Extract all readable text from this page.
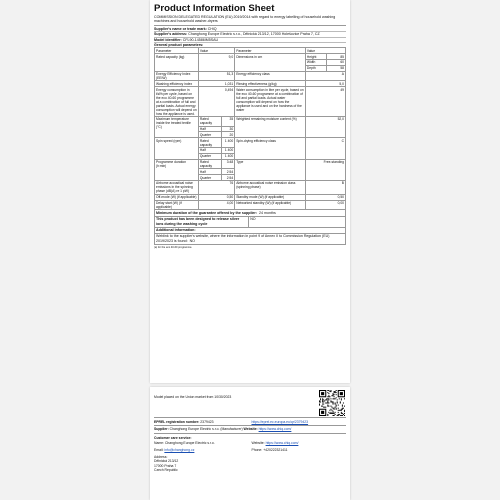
Product Information Sheet

COMMISSION DELEGATED REGULATION (EU) 2019/2014 with regard to energy labelling of household washing machines and household washer-dryers

Supplier's name or trade mark:
CHiQ
Supplier's address: Changhong Europe Electric s.r.o., Dělnická 213/12, 17000 Holešovice Praha 7, CZ
Model identifier:
CFL90-14586IM5SAU
General product parameters:
Parameter	Value		Parameter	Value	
Rated capacity (kg)	9,0		Dimensions in cm	Height	85
				Width	60
				Depth	58
Energy Efficiency Index (EEIW)	51,3		Energy efficiency class	A	
Washing efficiency index	1,031		Rinsing effectiveness (g/kg)	5,0	
Energy consumption in kWh per cycle, based on the eco 40-60 programme at a combination of full and partial loads. Actual energy consumption will depend on how the appliance is used.	0,494		Water consumption in litre per cycle, based on the eco 40-60 programme at a combination of full and partial loads. Actual water consumption will depend on how the appliance is used and on the hardness of the water	49	
Maximum temperature inside the treated textile (°C)	Rated capacity	35	Weighted remaining moisture content (%)	52,0	
	Half	30			
	Quarter	20			
Spin speed (rpm)	Rated capacity	1 400	Spin-drying efficiency class	C	
	Half	1 400			
	Quarter	1 400			
Programme duration (h:min)	Rated capacity	3:48	Type	Free-standing	
	Half	2:54			
	Quarter	2:54			
Airborne acoustical noise emissions in the spinning phase (dB(A) re 1 pW)	76		Airborne acoustical noise emission class (spinning phase)	B	
Off-mode (W) (if applicable)	0,50		Standby mode (W) (if applicable)	0,50	
Delay start (W) (if applicable)	4,00		Networked standby (W) (if applicable)	0,00	
Minimum duration of the guarantee offered by the supplier: 24 months
This product has been designed to release silver ions during the washing cycle
NO
Additional information:
Weblink to the supplier's website, where the information in point 9 of Annex II to Commission Regulation (EU) 2019/2023 is found: NO
(a) for the eco 40-60 programme.
Model placed on the Union market from 10/30/2023
EPREL registration number: 2379423	https://eprel.ec.europa.eu/qr/2379423
Supplier: Changhong Europe Electric s.r.o. (Manufacturer) Website: https://www.chiq.com/
Customer care service:
Name: Changhong Europe Electric s.r.o.	Website: https://www.chiq.com/
Email: info@changhong.cz	Phone: +420222321411
Address:
Dělnická 213/12
17000 Praha 7
Czech Republic
